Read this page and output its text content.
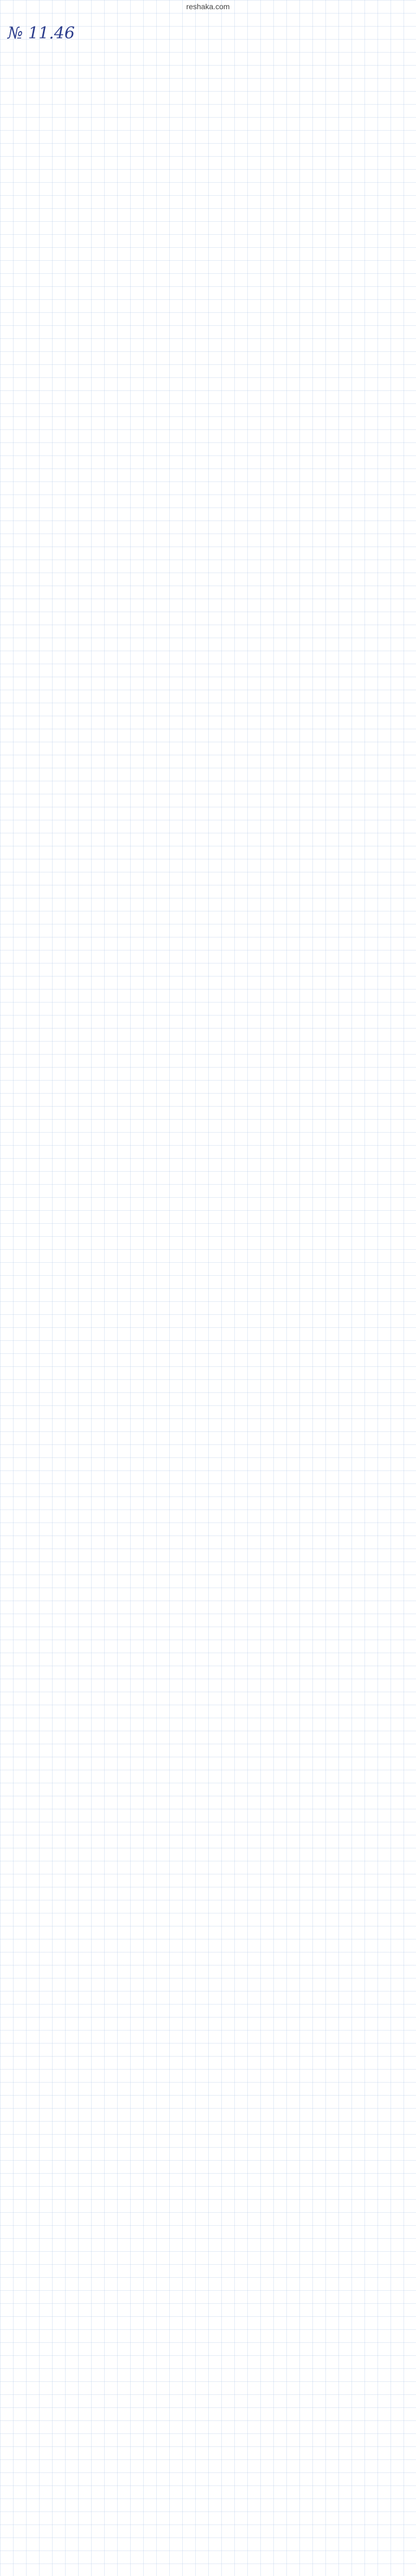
reshaka.com
№ 11.46
